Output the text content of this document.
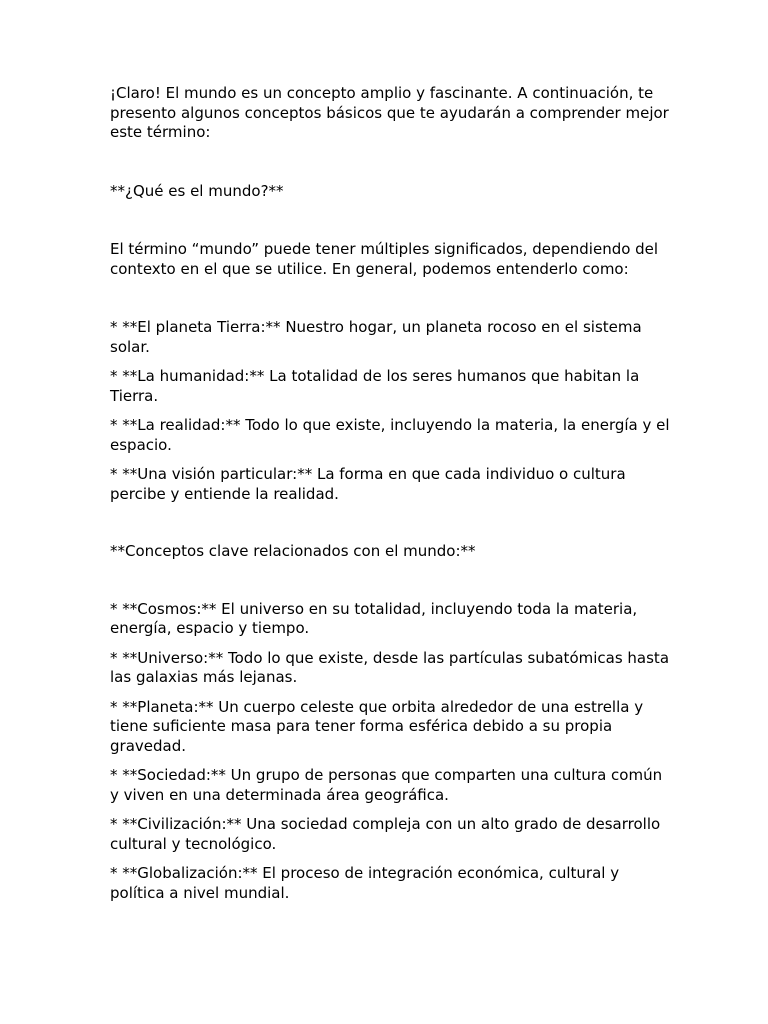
¡Claro! El mundo es un concepto amplio y fascinante. A continuación, te presento algunos conceptos básicos que te ayudarán a comprender mejor este término:

**¿Qué es el mundo?**

El término “mundo” puede tener múltiples significados, dependiendo del contexto en el que se utilice. En general, podemos entenderlo como:

* **El planeta Tierra:** Nuestro hogar, un planeta rocoso en el sistema solar.
* **La humanidad:** La totalidad de los seres humanos que habitan la Tierra.
* **La realidad:** Todo lo que existe, incluyendo la materia, la energía y el espacio.
* **Una visión particular:** La forma en que cada individuo o cultura percibe y entiende la realidad.

**Conceptos clave relacionados con el mundo:**

* **Cosmos:** El universo en su totalidad, incluyendo toda la materia, energía, espacio y tiempo.
* **Universo:** Todo lo que existe, desde las partículas subatómicas hasta las galaxias más lejanas.
* **Planeta:** Un cuerpo celeste que orbita alrededor de una estrella y tiene suficiente masa para tener forma esférica debido a su propia gravedad.
* **Sociedad:** Un grupo de personas que comparten una cultura común y viven en una determinada área geográfica.
* **Civilización:** Una sociedad compleja con un alto grado de desarrollo cultural y tecnológico.
* **Globalización:** El proceso de integración económica, cultural y política a nivel mundial.
